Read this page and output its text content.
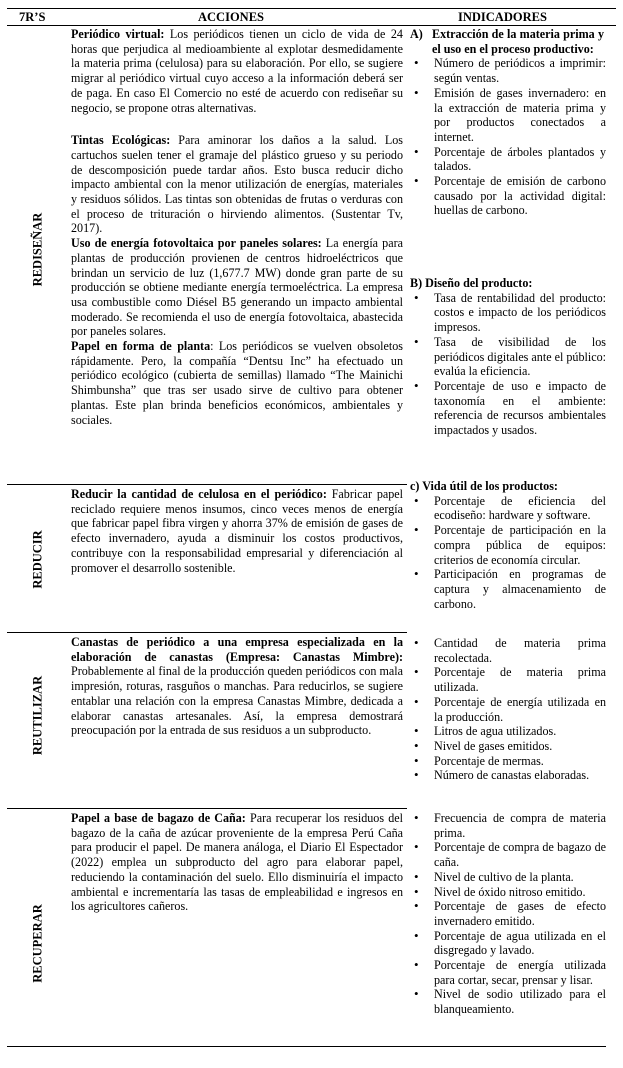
7R’S	ACCIONES	INDICADORES
REDISEÑAR
REDUCIR
REUTILIZAR
RECUPERAR

Periódico virtual: Los periódicos tienen un ciclo de vida de 24 horas que perjudica al medioambiente al explotar desmedidamente la materia prima (celulosa) para su elaboración. Por ello, se sugiere migrar al periódico virtual cuyo acceso a la información deberá ser de paga. En caso El Comercio no esté de acuerdo con rediseñar su negocio, se propone otras alternativas.

Tintas Ecológicas: Para aminorar los daños a la salud. Los cartuchos suelen tener el gramaje del plástico grueso y su periodo de descomposición puede tardar años. Esto busca reducir dicho impacto ambiental con la menor utilización de energías, materiales y residuos sólidos. Las tintas son obtenidas de frutas o verduras con el proceso de trituración o hirviendo alimentos. (Sustentar Tv, 2017).

Uso de energía fotovoltaica por paneles solares: La energía para plantas de producción provienen de centros hidroeléctricos que brindan un servicio de luz (1,677.7 MW) donde gran parte de su producción se obtiene mediante energía termoeléctrica. La empresa usa combustible como Diésel B5 generando un impacto ambiental moderado. Se recomienda el uso de energía fotovoltaica, abastecida por paneles solares.

Papel en forma de planta: Los periódicos se vuelven obsoletos rápidamente. Pero, la compañía “Dentsu Inc” ha efectuado un periódico ecológico (cubierta de semillas) llamado “The Mainichi Shimbunsha” que tras ser usado sirve de cultivo para obtener plantas. Este plan brinda beneficios económicos, ambientales y sociales.

Reducir la cantidad de celulosa en el periódico: Fabricar papel reciclado requiere menos insumos, cinco veces menos de energía que fabricar papel fibra virgen y ahorra 37% de emisión de gases de efecto invernadero, ayuda a disminuir los costos productivos, contribuye con la responsabilidad empresarial y diferenciación al promover el desarrollo sostenible.

Canastas de periódico a una empresa especializada en la elaboración de canastas (Empresa: Canastas Mimbre): Probablemente al final de la producción queden periódicos con mala impresión, roturas, rasguños o manchas. Para reducirlos, se sugiere entablar una relación con la empresa Canastas Mimbre, dedicada a elaborar canastas artesanales. Así, la empresa demostrará preocupación por la entrada de sus residuos a un subproducto.

Papel a base de bagazo de Caña: Para recuperar los residuos del bagazo de la caña de azúcar proveniente de la empresa Perú Caña para producir el papel. De manera análoga, el Diario El Espectador (2022) emplea un subproducto del agro para elaborar papel, reduciendo la contaminación del suelo. Ello disminuiría el impacto ambiental e incrementaría las tasas de empleabilidad e ingresos en los agricultores cañeros.

A) Extracción de la materia prima y el uso en el proceso productivo:
• Número de periódicos a imprimir: según ventas.
• Emisión de gases invernadero: en la extracción de materia prima y por productos conectados a internet.
• Porcentaje de árboles plantados y talados.
• Porcentaje de emisión de carbono causado por la actividad digital: huellas de carbono.
B) Diseño del producto:
• Tasa de rentabilidad del producto: costos e impacto de los periódicos impresos.
• Tasa de visibilidad de los periódicos digitales ante el público: evalúa la eficiencia.
• Porcentaje de uso e impacto de taxonomía en el ambiente: referencia de recursos ambientales impactados y usados.
c) Vida útil de los productos:
• Porcentaje de eficiencia del ecodiseño: hardware y software.
• Porcentaje de participación en la compra pública de equipos: criterios de economía circular.
• Participación en programas de captura y almacenamiento de carbono.
• Cantidad de materia prima recolectada.
• Porcentaje de materia prima utilizada.
• Porcentaje de energía utilizada en la producción.
• Litros de agua utilizados.
• Nivel de gases emitidos.
• Porcentaje de mermas.
• Número de canastas elaboradas.
• Frecuencia de compra de materia prima.
• Porcentaje de compra de bagazo de caña.
• Nivel de cultivo de la planta.
• Nivel de óxido nitroso emitido.
• Porcentaje de gases de efecto invernadero emitido.
• Porcentaje de agua utilizada en el disgregado y lavado.
• Porcentaje de energía utilizada para cortar, secar, prensar y lisar.
• Nivel de sodio utilizado para el blanqueamiento.
